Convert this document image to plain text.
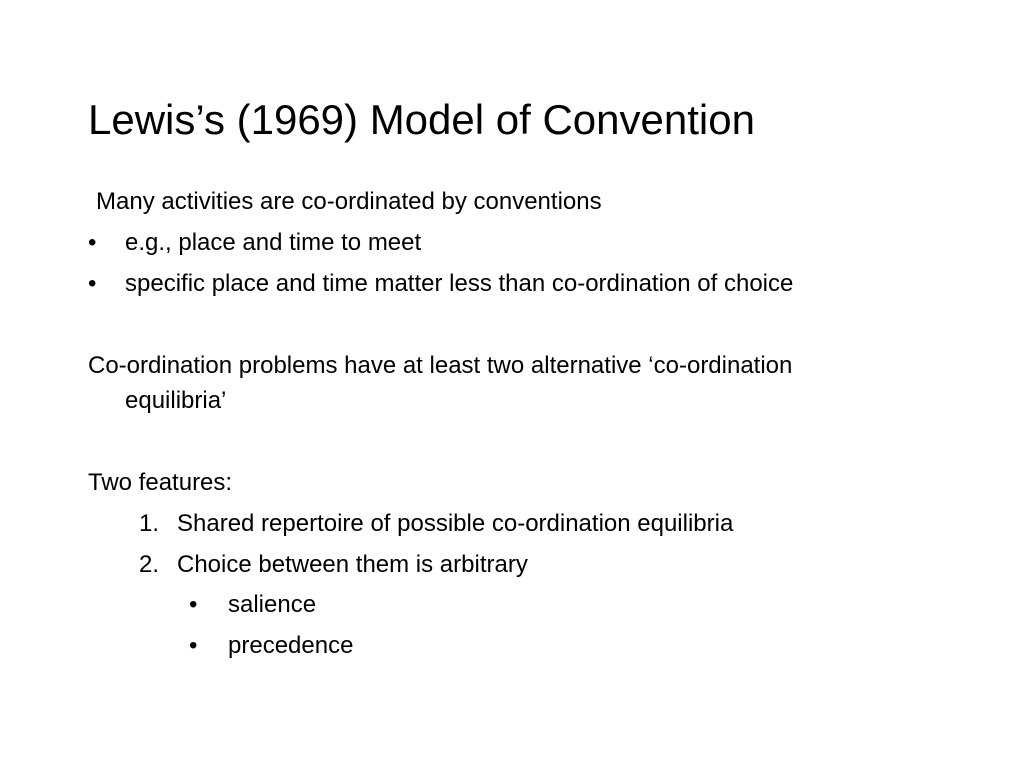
Lewis’s (1969) Model of Convention
Many activities are co-ordinated by conventions
• e.g., place and time to meet
• specific place and time matter less than co-ordination of choice
Co-ordination problems have at least two alternative ‘co-ordination
equilibria’
Two features:
1. Shared repertoire of possible co-ordination equilibria
2. Choice between them is arbitrary
• salience
• precedence
